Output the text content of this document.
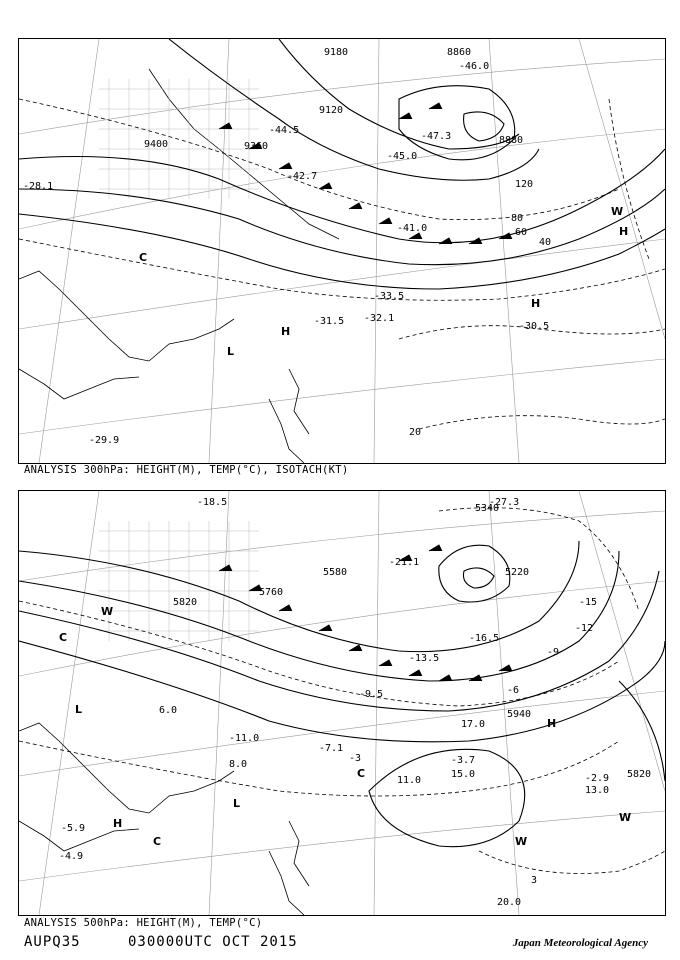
9120
9400	9360
8880
8860
9180
20
40
60
80
120
-28.1
-29.9
-30.5
-31.5 -32.1
-33.5
-41.0
-45.0
-47.3
-46.0
-44.5
-42.7
H
H
H
L
W
C
ANALYSIS 300hPa: HEIGHT(M), TEMP(°C), ISOTACH(KT)
5340
5580
5820
5760
5220
5940
5820
-15
-12
-9
-6
-3
3
-27.3
-21.1
-18.5
-16.5
-13.5
-11.0
-9.5
-7.1
-5.9
-4.9
-3.7
-2.9
17.0
15.0
13.0
11.0
8.0
6.0
20.0
H
H
L
L
W
W
W
C
C
C
ANALYSIS 500hPa: HEIGHT(M), TEMP(°C)
AUPQ35	030000UTC OCT 2015	Japan Meteorological Agency
